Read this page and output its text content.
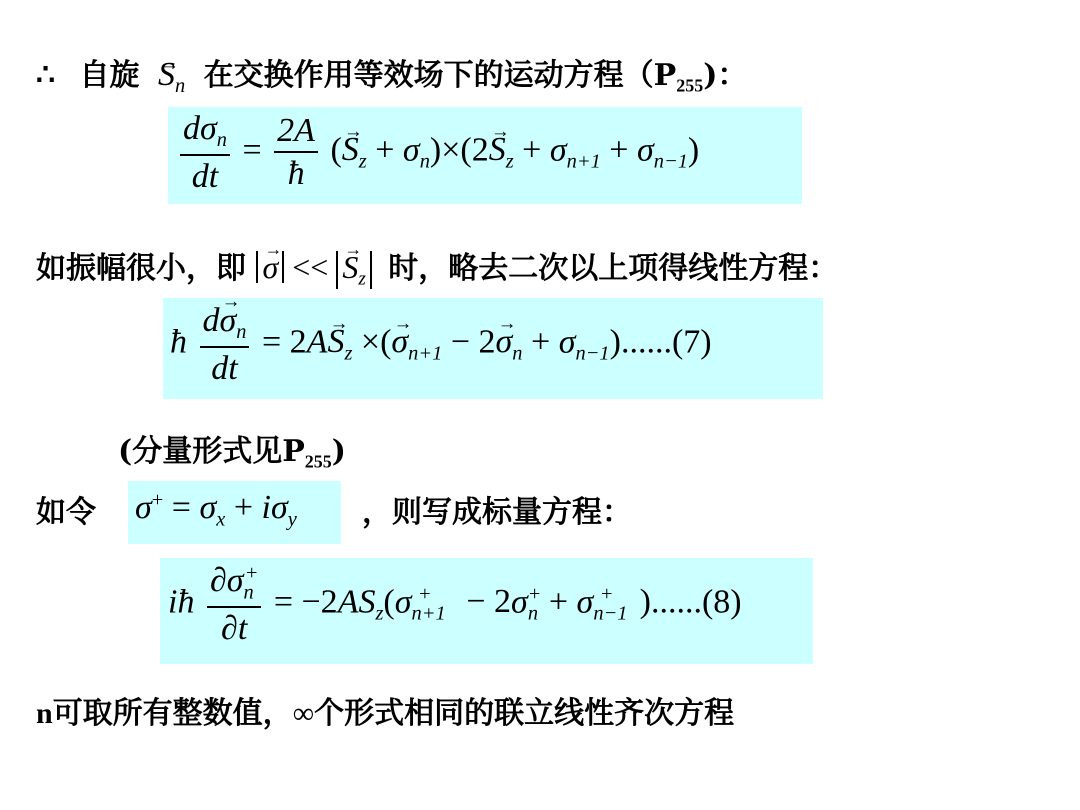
∴ 自旋 → $S_n$ 在交换作用等效场下的运动方程$(P_{255})$：
$\frac{d\sigma_n}{dt} = \frac{2A}{ħ}$ (→ $S_z + \sigma_n)\times(2\to S_z + \sigma_{n+1} + \sigma_{n-1})$
如振幅很小，即 → σ << → $S_z$ 时，略去二次以上项得线性方程：
ħ $\frac{d\to \sigma_n}{dt} = 2A\to S_z$ ×(→ $\sigma_{n+1} - 2\to \sigma_n + \sigma_{n-1})......(7)$
(分量形式见$P_{255}$)
如令 $\sigma^+ = \sigma_x + i\sigma_y$ ，则写成标量方程：
iħ $\frac{\partial\sigma_n^+}{\partial t} = -2AS_z(\sigma_{n+1}^+ - 2\sigma_n^+ + \sigma_{n-1}^+$ )......(8)
n可取所有整数值，∞个形式相同的联立线性齐次方程
